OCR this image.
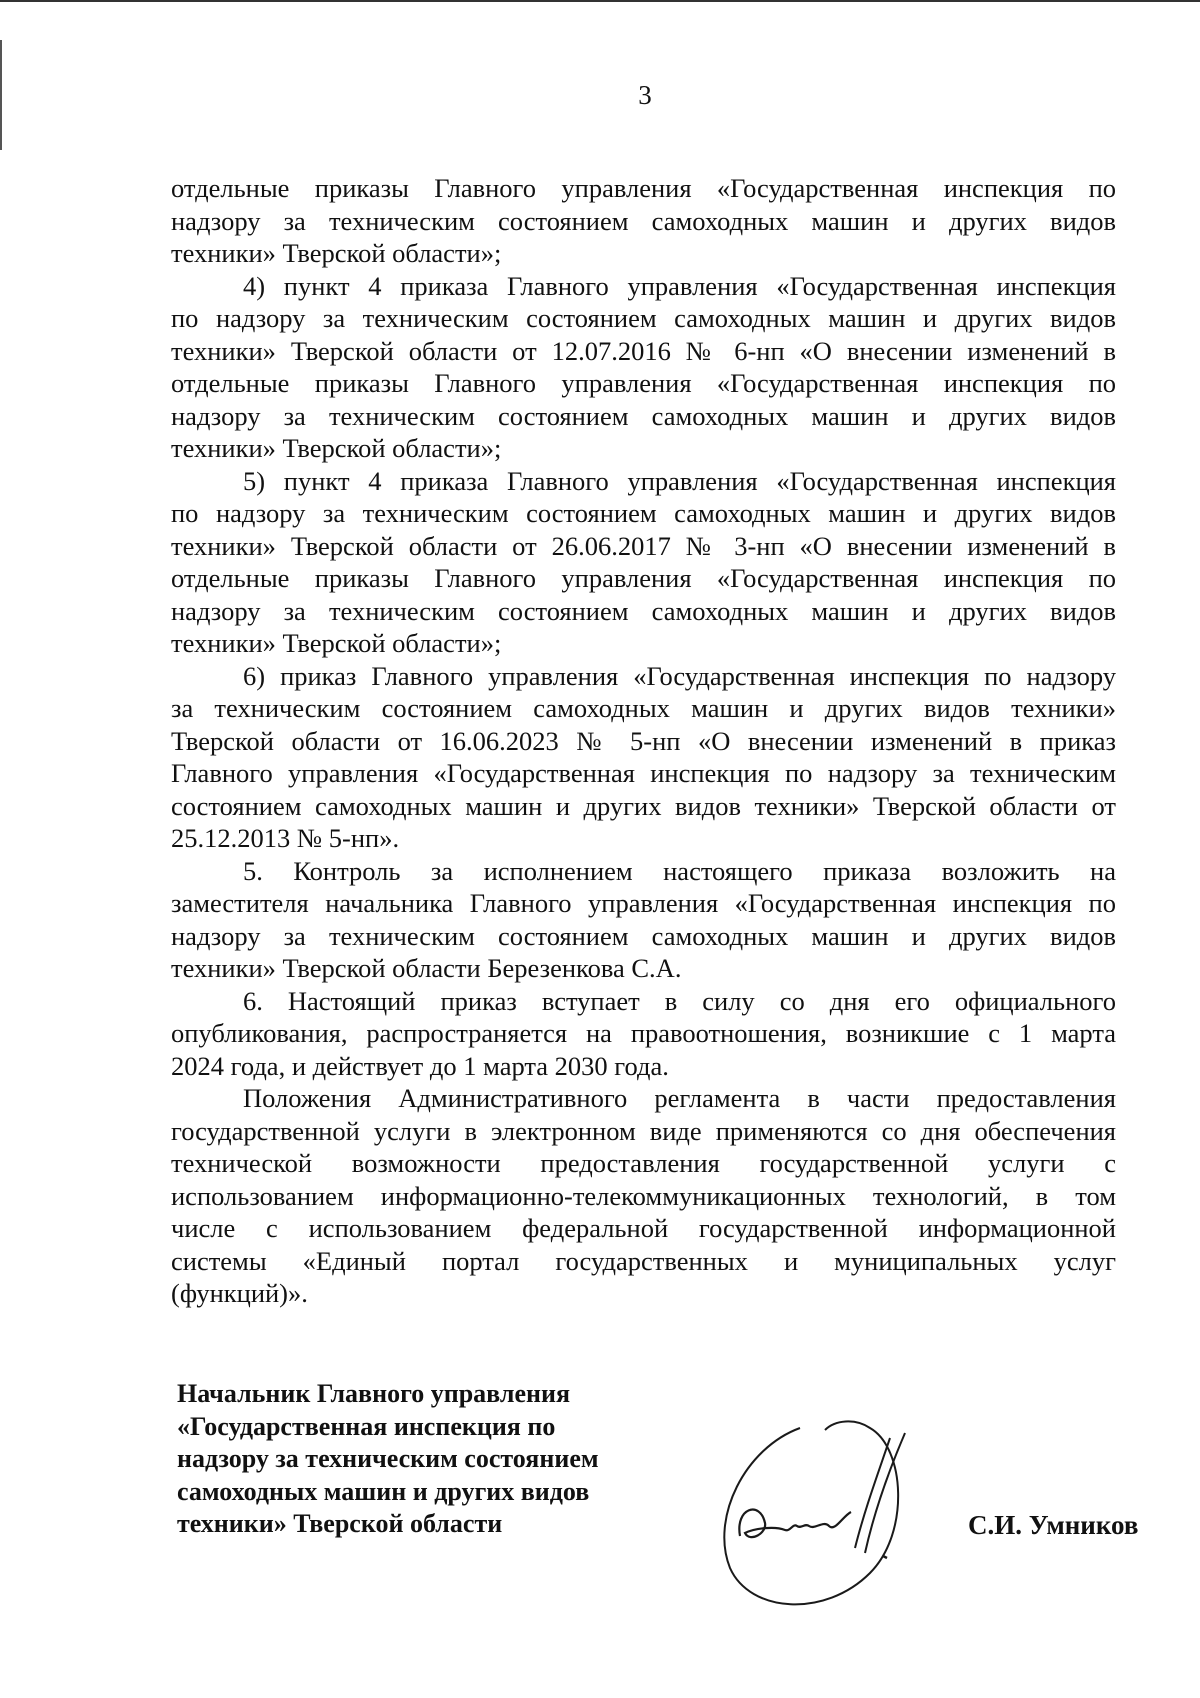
3
отдельные приказы Главного управления «Государственная инспекция по
надзору за техническим состоянием самоходных машин и других видов
техники» Тверской области»;
4) пункт 4 приказа Главного управления «Государственная инспекция
по надзору за техническим состоянием самоходных машин и других видов
техники» Тверской области от 12.07.2016 № 6-нп «О внесении изменений в
отдельные приказы Главного управления «Государственная инспекция по
надзору за техническим состоянием самоходных машин и других видов
техники» Тверской области»;
5) пункт 4 приказа Главного управления «Государственная инспекция
по надзору за техническим состоянием самоходных машин и других видов
техники» Тверской области от 26.06.2017 № 3-нп «О внесении изменений в
отдельные приказы Главного управления «Государственная инспекция по
надзору за техническим состоянием самоходных машин и других видов
техники» Тверской области»;
6) приказ Главного управления «Государственная инспекция по надзору
за техническим состоянием самоходных машин и других видов техники»
Тверской области от 16.06.2023 № 5-нп «О внесении изменений в приказ
Главного управления «Государственная инспекция по надзору за техническим
состоянием самоходных машин и других видов техники» Тверской области от
25.12.2013 № 5-нп».
5. Контроль за исполнением настоящего приказа возложить на
заместителя начальника Главного управления «Государственная инспекция по
надзору за техническим состоянием самоходных машин и других видов
техники» Тверской области Березенкова С.А.
6. Настоящий приказ вступает в силу со дня его официального
опубликования, распространяется на правоотношения, возникшие с 1 марта
2024 года, и действует до 1 марта 2030 года.
Положения Административного регламента в части предоставления
государственной услуги в электронном виде применяются со дня обеспечения
технической возможности предоставления государственной услуги с
использованием информационно-телекоммуникационных технологий, в том
числе с использованием федеральной государственной информационной
системы «Единый портал государственных и муниципальных услуг
(функций)».
Начальник Главного управления
«Государственная инспекция по
надзору за техническим состоянием
самоходных машин и других видов
техники» Тверской области	С.И. Умников
